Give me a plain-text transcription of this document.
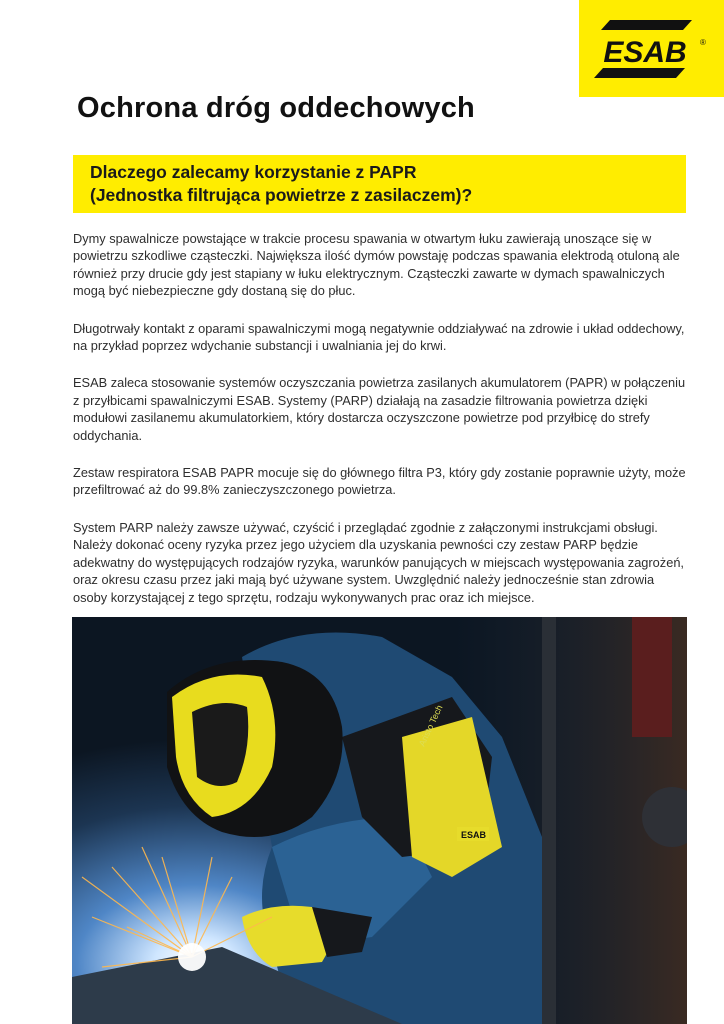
ESAB ®
Ochrona dróg oddechowych
Dlaczego zalecamy korzystanie z PAPR
(Jednostka filtrująca powietrze z zasilaczem)?

Dymy spawalnicze powstające w trakcie procesu spawania w otwartym łuku zawierają unoszące się w powietrzu szkodliwe cząsteczki. Największa ilość dymów powstaję podczas spawania elektrodą otuloną ale również przy drucie gdy jest stapiany w łuku elektrycznym. Cząsteczki zawarte w dymach spawalniczych mogą być niebezpieczne gdy dostaną się do płuc.

Długotrwały kontakt z oparami spawalniczymi mogą negatywnie oddziaływać na zdrowie i układ oddechowy, na przykład poprzez wdychanie substancji i uwalniania jej do krwi.

ESAB zaleca stosowanie systemów oczyszczania powietrza zasilanych akumulatorem (PAPR) w połączeniu z przyłbicami spawalniczymi ESAB. Systemy (PARP) działają na zasadzie filtrowania powietrza dzięki modułowi zasilanemu akumulatorkiem, który dostarcza oczyszczone powietrze pod przyłbicę do strefy oddychania.

Zestaw respiratora ESAB PAPR mocuje się do głównego filtra P3, który gdy zostanie poprawnie użyty, może przefiltrować aż do 99.8% zanieczyszczonego powietrza.

System PARP należy zawsze używać, czyścić i przeglądać zgodnie z załączonymi instrukcjami obsługi. Należy dokonać oceny ryzyka przez jego użyciem dla uzyskania pewności czy zestaw PARP będzie adekwatny do występujących rodzajów ryzyka, warunków panujących w miejscach występowania zagrożeń, oraz okresu czasu przez jaki mają być używane system. Uwzględnić należy jednocześnie stan zdrowia osoby korzystającej z tego sprzętu, rodzaju wykonywanych prac oraz ich miejsce.

Aristo Tech
ESAB
